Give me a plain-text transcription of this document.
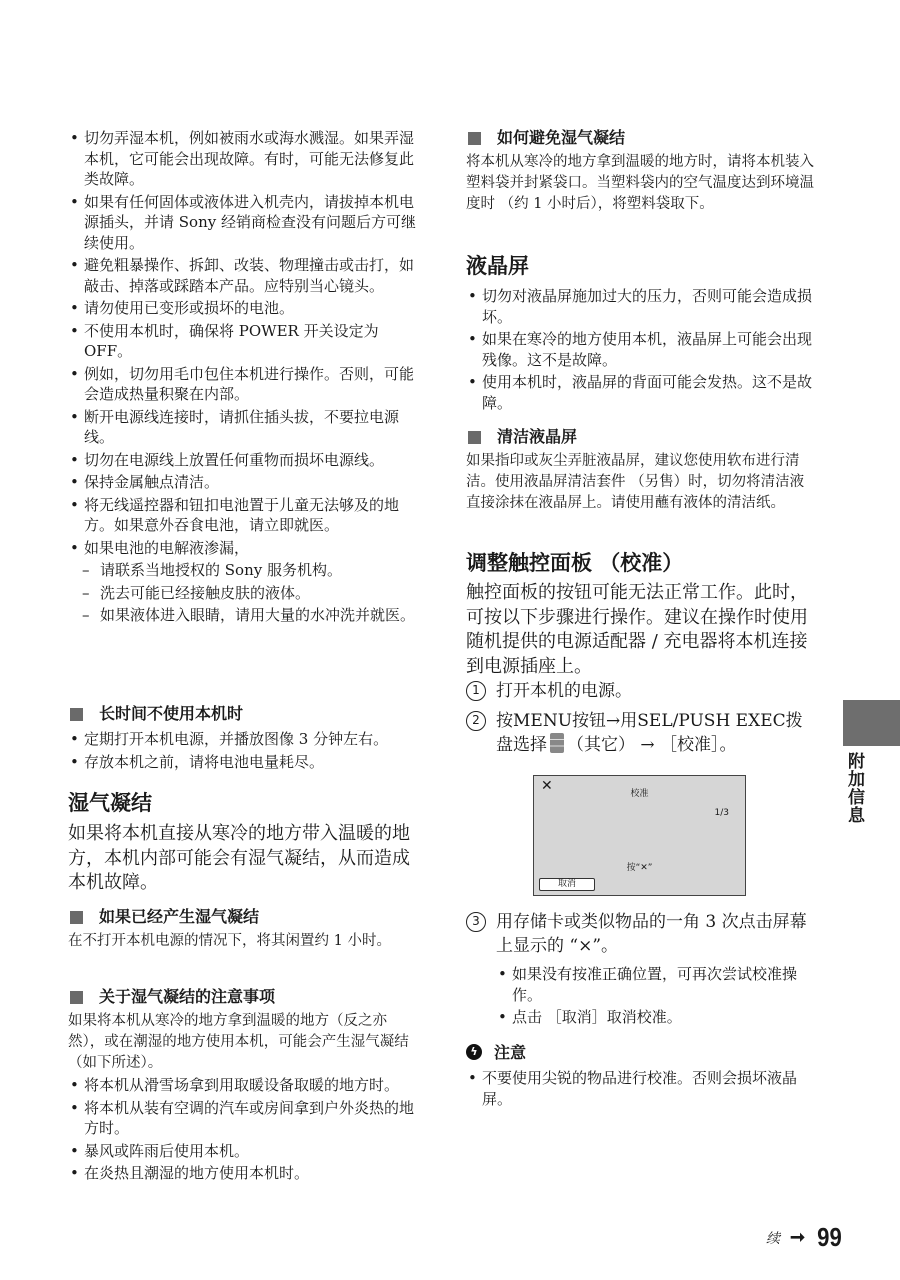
• 切勿弄湿本机，例如被雨水或海水溅湿。如果弄湿本机，它可能会出现故障。有时，可能无法修复此类故障。
• 如果有任何固体或液体进入机壳内，请拔掉本机电源插头，并请 Sony 经销商检查没有问题后方可继续使用。
• 避免粗暴操作、拆卸、改装、物理撞击或击打，如敲击、掉落或踩踏本产品。应特别当心镜头。
• 请勿使用已变形或损坏的电池。
• 不使用本机时，确保将 POWER 开关设定为 OFF。
• 例如，切勿用毛巾包住本机进行操作。否则，可能会造成热量积聚在内部。
• 断开电源线连接时，请抓住插头拔，不要拉电源线。
• 切勿在电源线上放置任何重物而损坏电源线。
• 保持金属触点清洁。
• 将无线遥控器和钮扣电池置于儿童无法够及的地方。如果意外吞食电池，请立即就医。
• 如果电池的电解液渗漏，
– 请联系当地授权的 Sony 服务机构。
– 洗去可能已经接触皮肤的液体。
– 如果液体进入眼睛，请用大量的水冲洗并就医。
长时间不使用本机时
• 定期打开本机电源，并播放图像 3 分钟左右。
• 存放本机之前，请将电池电量耗尽。
湿气凝结
如果将本机直接从寒冷的地方带入温暖的地方，本机内部可能会有湿气凝结，从而造成本机故障。
如果已经产生湿气凝结
在不打开本机电源的情况下，将其闲置约 1 小时。
关于湿气凝结的注意事项
如果将本机从寒冷的地方拿到温暖的地方（反之亦然），或在潮湿的地方使用本机，可能会产生湿气凝结 （如下所述）。
• 将本机从滑雪场拿到用取暖设备取暖的地方时。
• 将本机从装有空调的汽车或房间拿到户外炎热的地方时。
• 暴风或阵雨后使用本机。
• 在炎热且潮湿的地方使用本机时。
如何避免湿气凝结
将本机从寒冷的地方拿到温暖的地方时，请将本机装入塑料袋并封紧袋口。当塑料袋内的空气温度达到环境温度时 （约 1 小时后），将塑料袋取下。
液晶屏
• 切勿对液晶屏施加过大的压力，否则可能会造成损坏。
• 如果在寒冷的地方使用本机，液晶屏上可能会出现残像。这不是故障。
• 使用本机时，液晶屏的背面可能会发热。这不是故障。
清洁液晶屏
如果指印或灰尘弄脏液晶屏，建议您使用软布进行清洁。使用液晶屏清洁套件 （另售）时，切勿将清洁液直接涂抹在液晶屏上。请使用蘸有液体的清洁纸。
调整触控面板 （校准）
触控面板的按钮可能无法正常工作。此时，可按以下步骤进行操作。建议在操作时使用随机提供的电源适配器 / 充电器将本机连接到电源插座上。
1 打开本机的电源。
2 按MENU按钮→用SEL/PUSH EXEC拨盘选择 （其它） → ［校准］。
✕	校准
1/3
按“✕”
取消
3 用存储卡或类似物品的一角 3 次点击屏幕上显示的 “×”。
• 如果没有按准正确位置，可再次尝试校准操作。
• 点击 ［取消］取消校准。
ϟ 注意
• 不要使用尖锐的物品进行校准。否则会损坏液晶屏。
附加信息
续 ➞ 99
